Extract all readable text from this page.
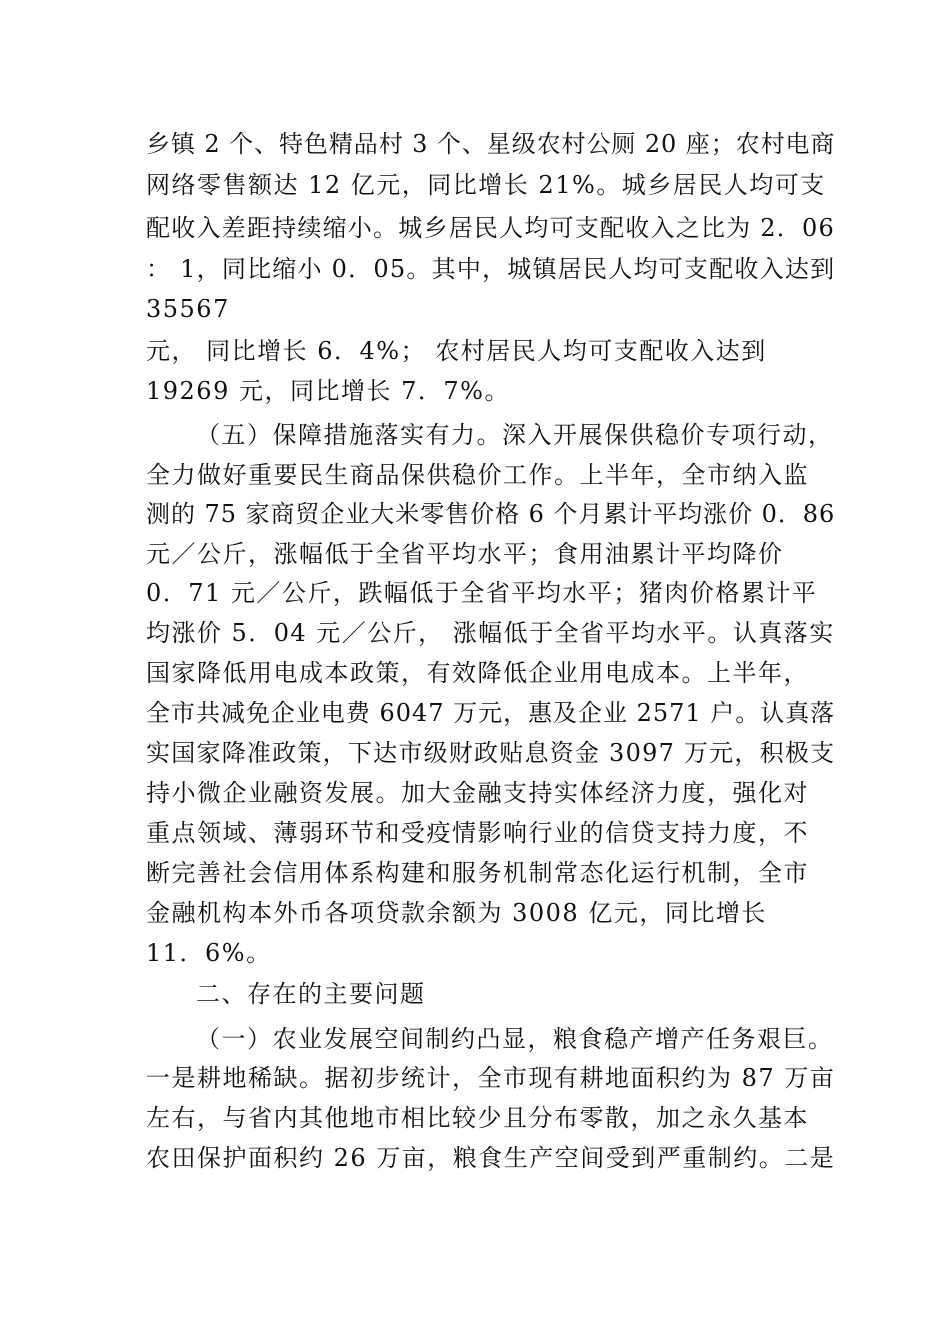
乡镇 2 个、特色精品村 3 个、星级农村公厕 20 座；农村电商
网络零售额达 12 亿元，同比增长 21%。城乡居民人均可支
配收入差距持续缩小。城乡居民人均可支配收入之比为 2．06
： 1，同比缩小 0．05。其中，城镇居民人均可支配收入达到
35567
元， 同比增长 6．4%； 农村居民人均可支配收入达到
19269 元，同比增长 7．7%。
（五）保障措施落实有力。深入开展保供稳价专项行动，
全力做好重要民生商品保供稳价工作。上半年，全市纳入监
测的 75 家商贸企业大米零售价格 6 个月累计平均涨价 0．86
元／公斤，涨幅低于全省平均水平；食用油累计平均降价
0．71 元／公斤，跌幅低于全省平均水平；猪肉价格累计平
均涨价 5．04 元／公斤， 涨幅低于全省平均水平。认真落实
国家降低用电成本政策，有效降低企业用电成本。上半年，
全市共减免企业电费 6047 万元，惠及企业 2571 户。认真落
实国家降准政策，下达市级财政贴息资金 3097 万元，积极支
持小微企业融资发展。加大金融支持实体经济力度，强化对
重点领域、薄弱环节和受疫情影响行业的信贷支持力度，不
断完善社会信用体系构建和服务机制常态化运行机制，全市
金融机构本外币各项贷款余额为 3008 亿元，同比增长
11．6%。
二、存在的主要问题
（一）农业发展空间制约凸显，粮食稳产增产任务艰巨。
一是耕地稀缺。据初步统计，全市现有耕地面积约为 87 万亩
左右，与省内其他地市相比较少且分布零散，加之永久基本
农田保护面积约 26 万亩，粮食生产空间受到严重制约。二是
